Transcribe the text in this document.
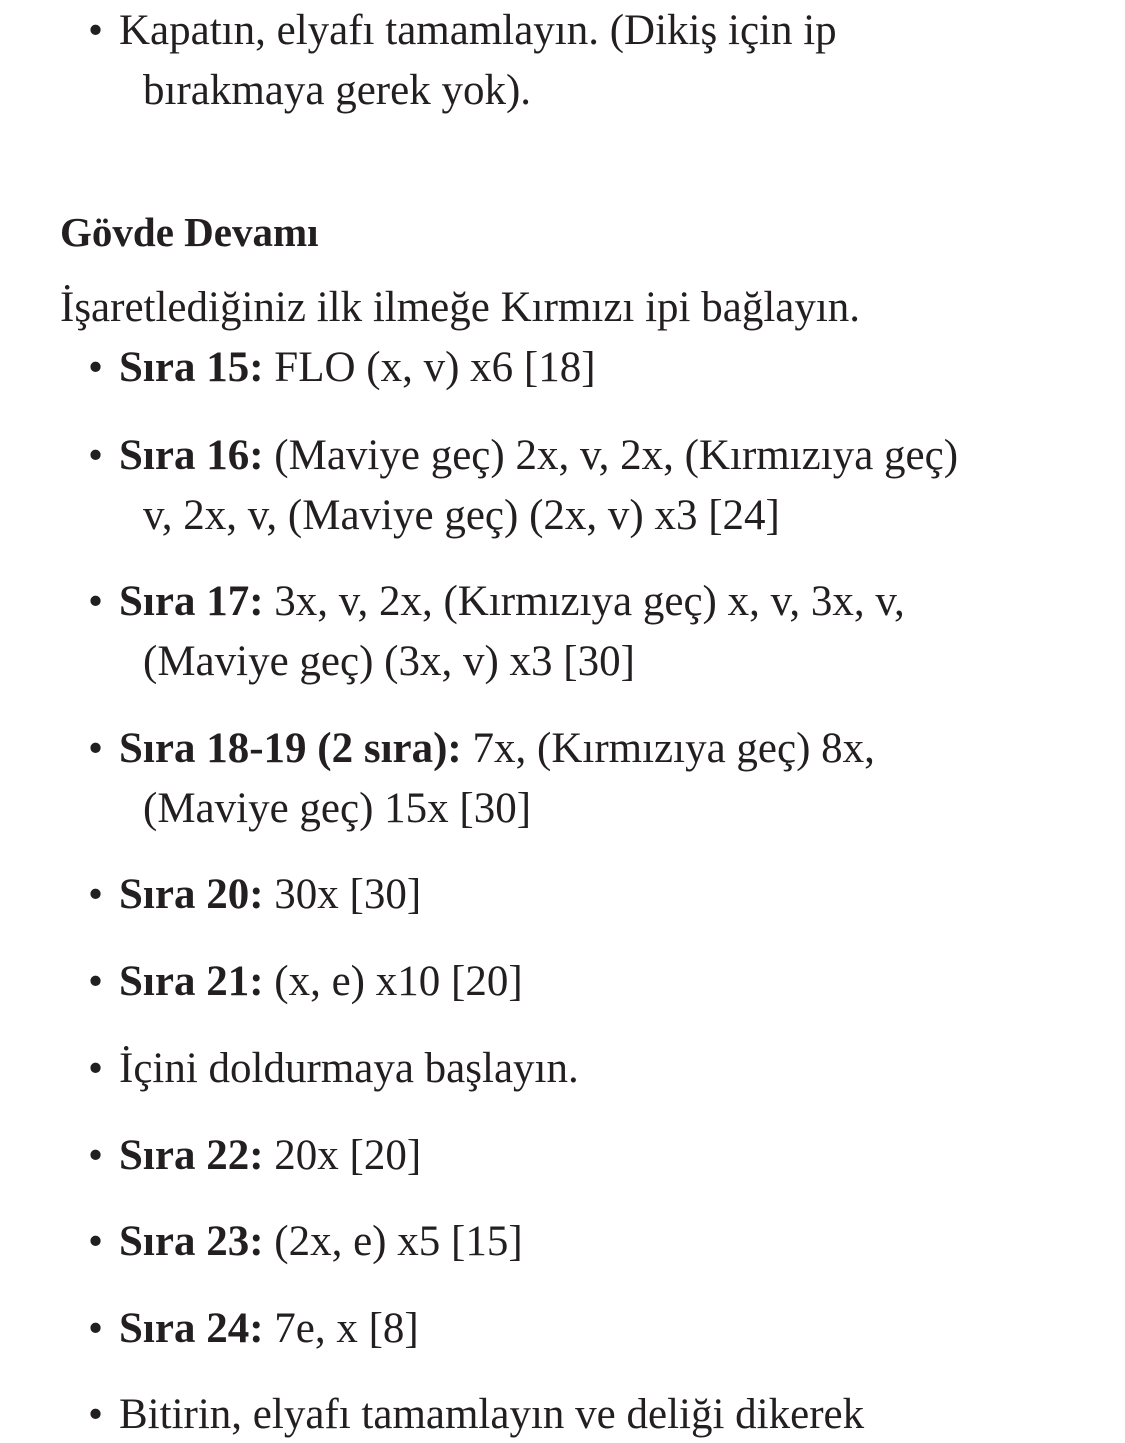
• Kapatın, elyafı tamamlayın. (Dikiş için ip
bırakmaya gerek yok).
Gövde Devamı
İşaretlediğiniz ilk ilmeğe Kırmızı ipi bağlayın.
• Sıra 15: FLO (x, v) x6 [18]
• Sıra 16: (Maviye geç) 2x, v, 2x, (Kırmızıya geç)
v, 2x, v, (Maviye geç) (2x, v) x3 [24]
• Sıra 17: 3x, v, 2x, (Kırmızıya geç) x, v, 3x, v,
(Maviye geç) (3x, v) x3 [30]
• Sıra 18-19 (2 sıra): 7x, (Kırmızıya geç) 8x,
(Maviye geç) 15x [30]
• Sıra 20: 30x [30]
• Sıra 21: (x, e) x10 [20]
• İçini doldurmaya başlayın.
• Sıra 22: 20x [20]
• Sıra 23: (2x, e) x5 [15]
• Sıra 24: 7e, x [8]
• Bitirin, elyafı tamamlayın ve deliği dikerek
